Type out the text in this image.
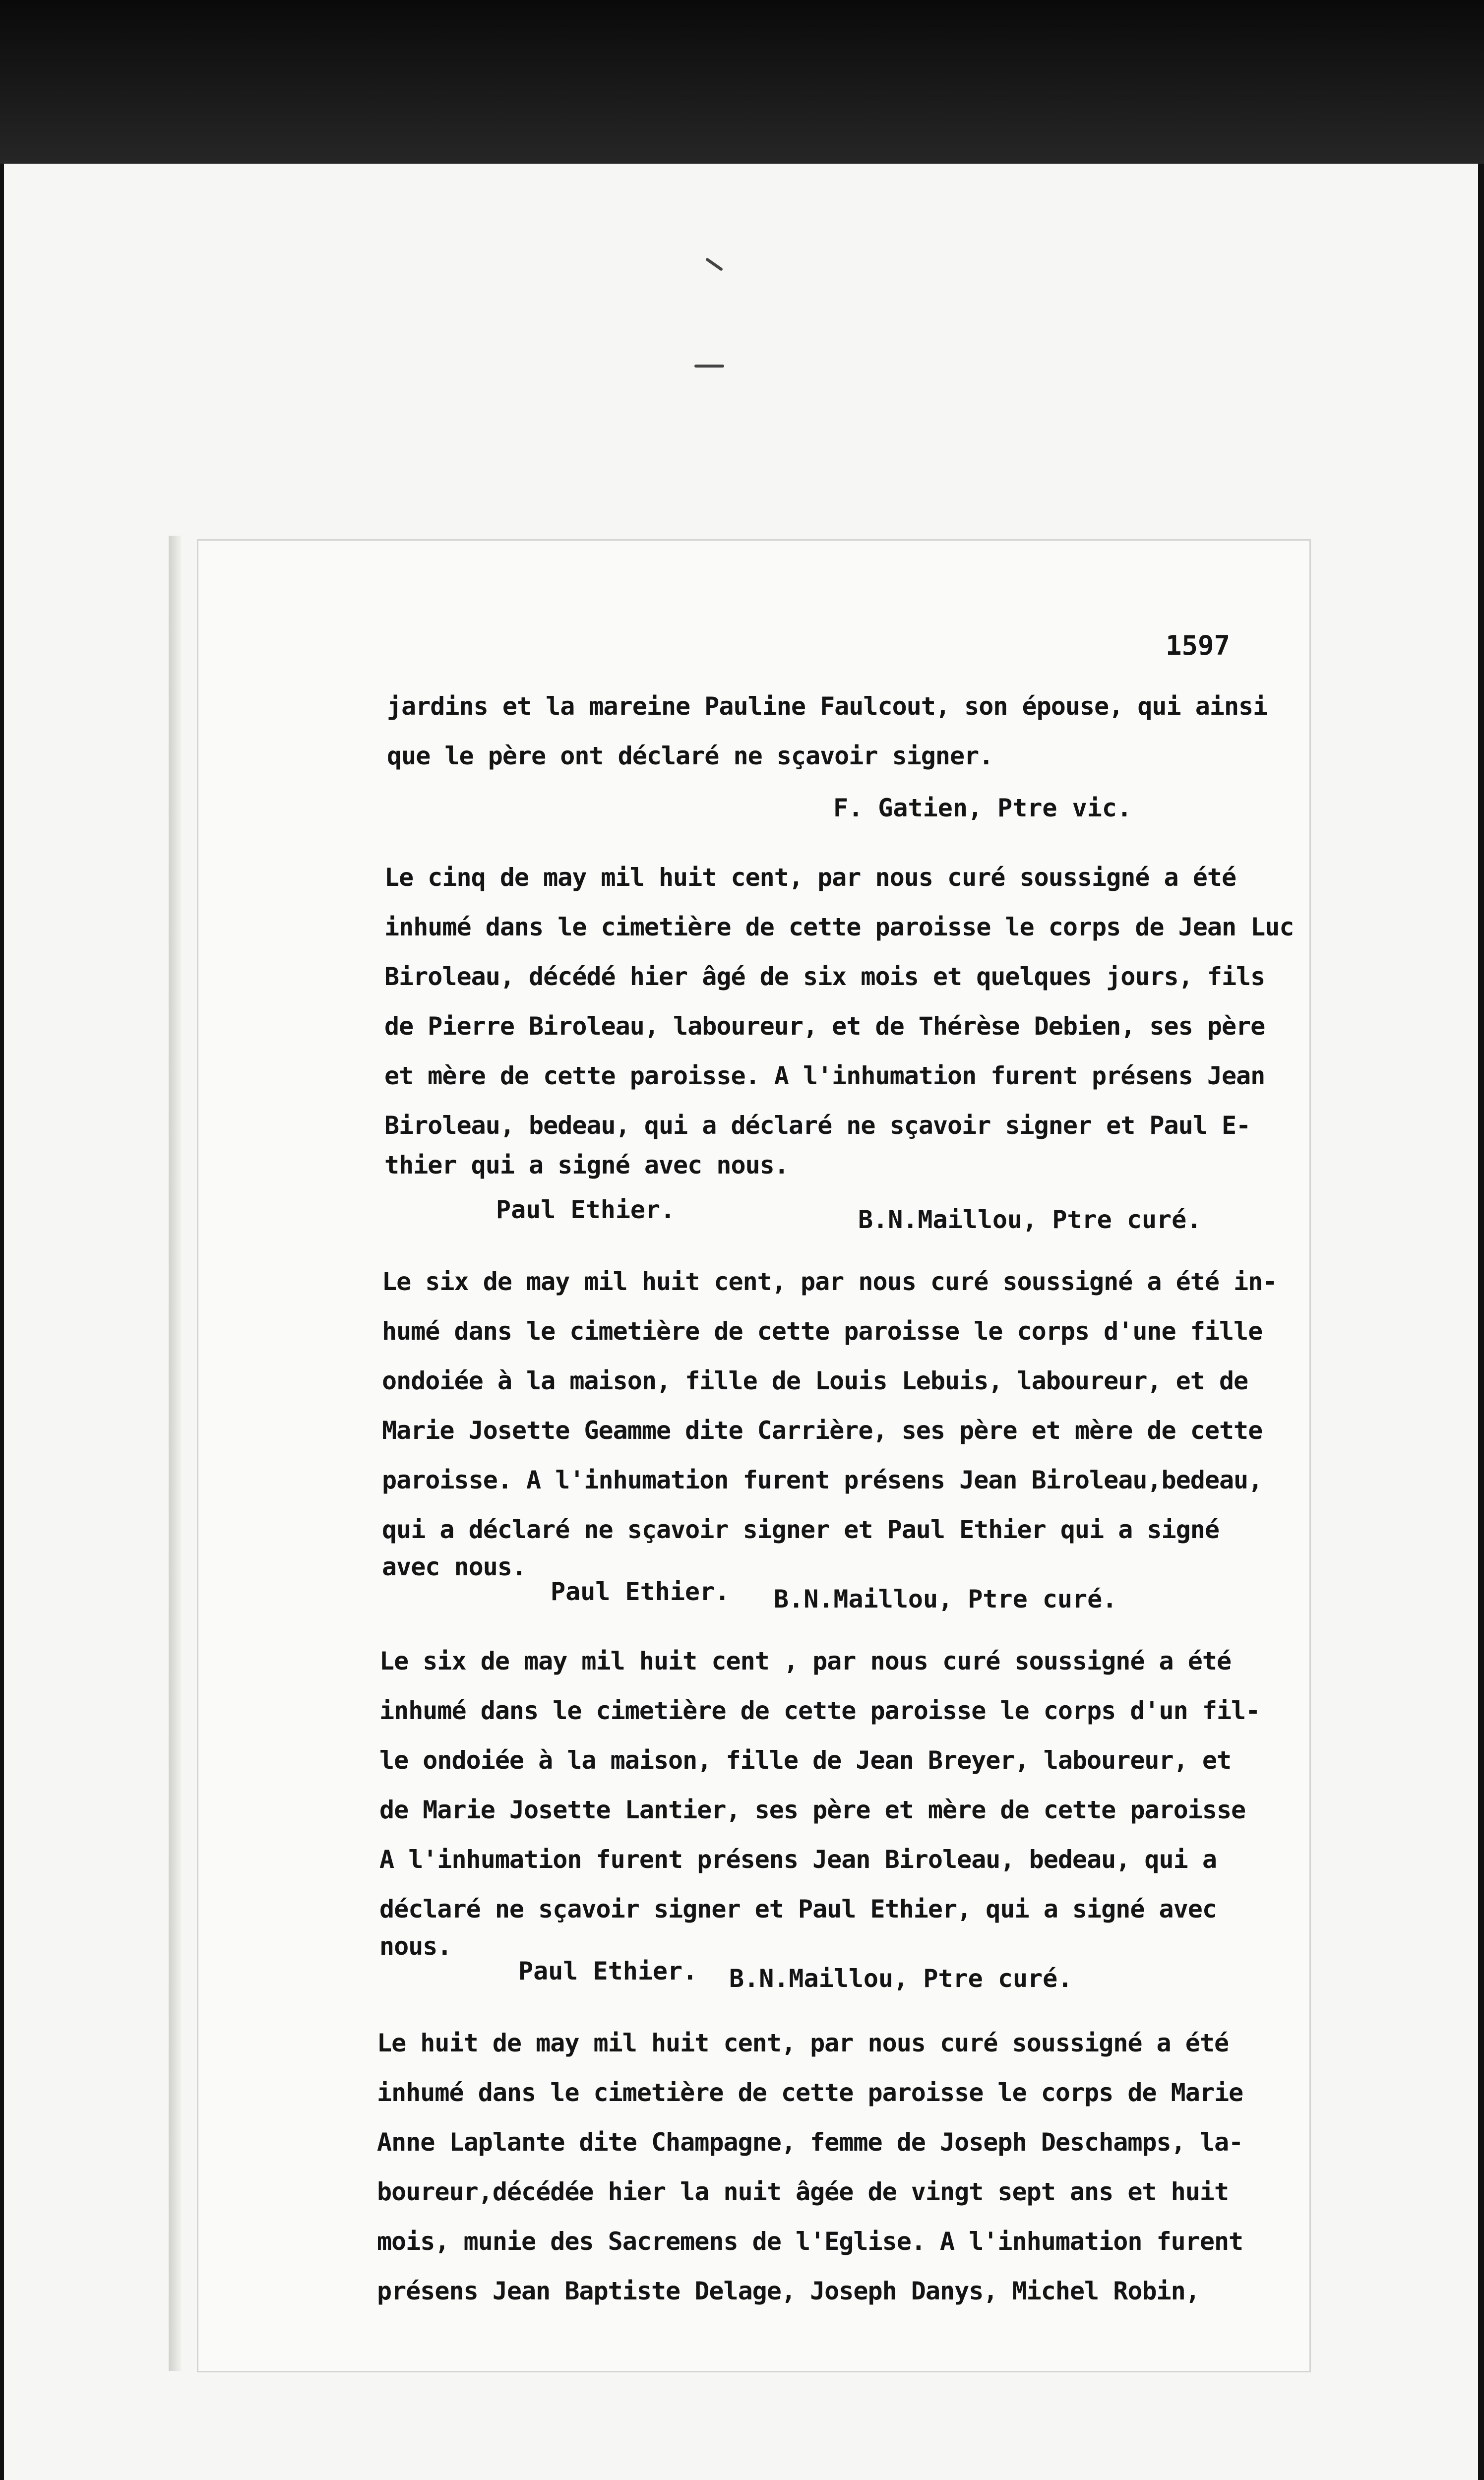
1597
jardins et la mareine Pauline Faulcout, son épouse, qui ainsi
que le père ont déclaré ne sçavoir signer.
F. Gatien, Ptre vic.
Le cinq de may mil huit cent, par nous curé soussigné a été
inhumé dans le cimetière de cette paroisse le corps de Jean Luc
Biroleau, décédé hier âgé de six mois et quelques jours, fils
de Pierre Biroleau, laboureur, et de Thérèse Debien, ses père
et mère de cette paroisse. A l'inhumation furent présens Jean
Biroleau, bedeau, qui a déclaré ne sçavoir signer et Paul E-
thier qui a signé avec nous.
Paul Ethier.	B.N.Maillou, Ptre curé.
Le six de may mil huit cent, par nous curé soussigné a été in-
humé dans le cimetière de cette paroisse le corps d'une fille
ondoiée à la maison, fille de Louis Lebuis, laboureur, et de
Marie Josette Geamme dite Carrière, ses père et mère de cette
paroisse. A l'inhumation furent présens Jean Biroleau,bedeau,
qui a déclaré ne sçavoir signer et Paul Ethier qui a signé
avec nous.
Paul Ethier. B.N.Maillou, Ptre curé.
Le six de may mil huit cent , par nous curé soussigné a été
inhumé dans le cimetière de cette paroisse le corps d'un fil-
le ondoiée à la maison, fille de Jean Breyer, laboureur, et
de Marie Josette Lantier, ses père et mère de cette paroisse
A l'inhumation furent présens Jean Biroleau, bedeau, qui a
déclaré ne sçavoir signer et Paul Ethier, qui a signé avec
nous.
Paul Ethier. B.N.Maillou, Ptre curé.
Le huit de may mil huit cent, par nous curé soussigné a été
inhumé dans le cimetière de cette paroisse le corps de Marie
Anne Laplante dite Champagne, femme de Joseph Deschamps, la-
boureur,décédée hier la nuit âgée de vingt sept ans et huit
mois, munie des Sacremens de l'Eglise. A l'inhumation furent
présens Jean Baptiste Delage, Joseph Danys, Michel Robin,
